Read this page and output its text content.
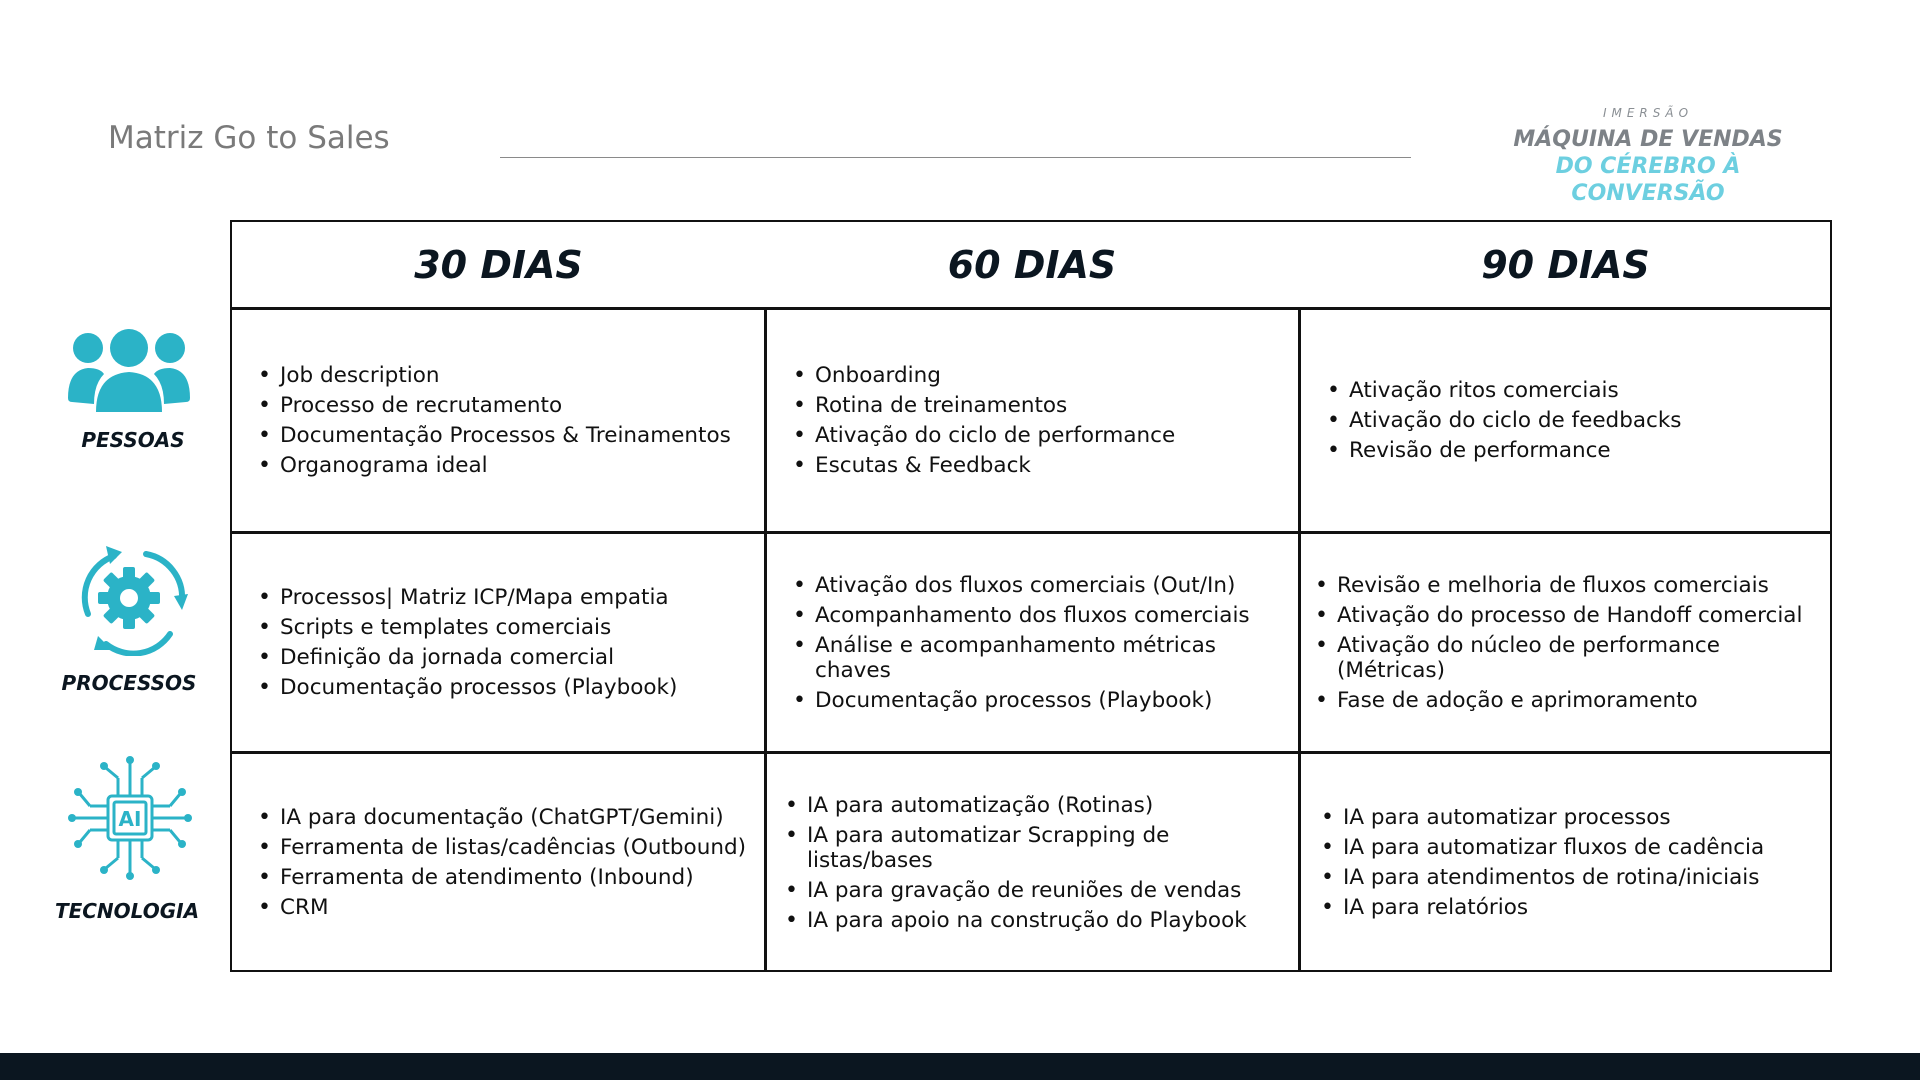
Matriz Go to Sales
IMERSÃO
MÁQUINA DE VENDAS
DO CÉREBRO À CONVERSÃO
PESSOAS
PROCESSOS
AI
TECNOLOGIA
30 DIAS	60 DIAS	90 DIAS
• Job description
• Processo de recrutamento
• Documentação Processos & Treinamentos
• Organograma ideal
• Onboarding
• Rotina de treinamentos
• Ativação do ciclo de performance
• Escutas & Feedback
• Ativação ritos comerciais
• Ativação do ciclo de feedbacks
• Revisão de performance
• Processos| Matriz ICP/Mapa empatia
• Scripts e templates comerciais
• Definição da jornada comercial
• Documentação processos (Playbook)
• Ativação dos fluxos comerciais (Out/In)
• Acompanhamento dos fluxos comerciais
• Análise e acompanhamento métricas chaves
• Documentação processos (Playbook)
• Revisão e melhoria de fluxos comerciais
• Ativação do processo de Handoff comercial
• Ativação do núcleo de performance (Métricas)
• Fase de adoção e aprimoramento
• IA para documentação (ChatGPT/Gemini)
• Ferramenta de listas/cadências (Outbound)
• Ferramenta de atendimento (Inbound)
• CRM
• IA para automatização (Rotinas)
• IA para automatizar Scrapping de listas/bases
• IA para gravação de reuniões de vendas
• IA para apoio na construção do Playbook
• IA para automatizar processos
• IA para automatizar fluxos de cadência
• IA para atendimentos de rotina/iniciais
• IA para relatórios
